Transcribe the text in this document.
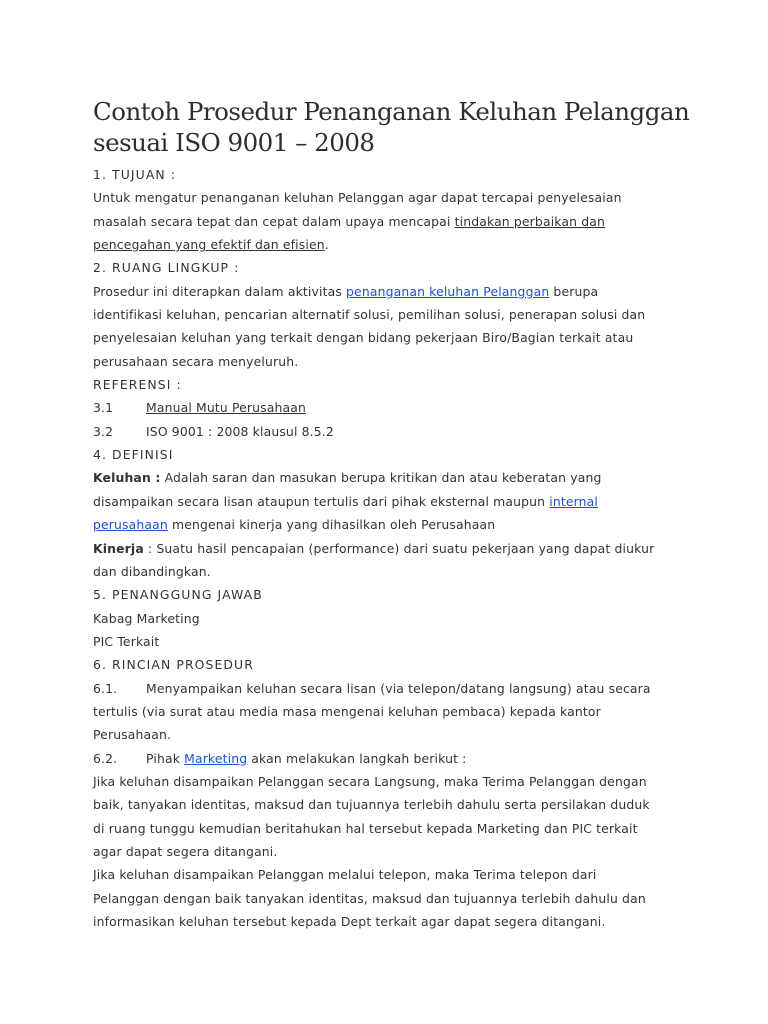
Contoh Prosedur Penanganan Keluhan Pelanggan
sesuai ISO 9001 – 2008
1. TUJUAN :
Untuk mengatur penanganan keluhan Pelanggan agar dapat tercapai penyelesaian
masalah secara tepat dan cepat dalam upaya mencapai tindakan perbaikan dan
pencegahan yang efektif dan efisien.
2. RUANG LINGKUP :
Prosedur ini diterapkan dalam aktivitas penanganan keluhan Pelanggan berupa
identifikasi keluhan, pencarian alternatif solusi, pemilihan solusi, penerapan solusi dan
penyelesaian keluhan yang terkait dengan bidang pekerjaan Biro/Bagian terkait atau
perusahaan secara menyeluruh.
REFERENSI :
3.1	Manual Mutu Perusahaan
3.2	ISO 9001 : 2008 klausul 8.5.2
4. DEFINISI
Keluhan : Adalah saran dan masukan berupa kritikan dan atau keberatan yang
disampaikan secara lisan ataupun tertulis dari pihak eksternal maupun internal
perusahaan mengenai kinerja yang dihasilkan oleh Perusahaan
Kinerja : Suatu hasil pencapaian (performance) dari suatu pekerjaan yang dapat diukur
dan dibandingkan.
5. PENANGGUNG JAWAB
Kabag Marketing
PIC Terkait
6. RINCIAN PROSEDUR
6.1. Menyampaikan keluhan secara lisan (via telepon/datang langsung) atau secara
tertulis (via surat atau media masa mengenai keluhan pembaca) kepada kantor
Perusahaan.
6.2. Pihak Marketing akan melakukan langkah berikut :
Jika keluhan disampaikan Pelanggan secara Langsung, maka Terima Pelanggan dengan
baik, tanyakan identitas, maksud dan tujuannya terlebih dahulu serta persilakan duduk
di ruang tunggu kemudian beritahukan hal tersebut kepada Marketing dan PIC terkait
agar dapat segera ditangani.
Jika keluhan disampaikan Pelanggan melalui telepon, maka Terima telepon dari
Pelanggan dengan baik tanyakan identitas, maksud dan tujuannya terlebih dahulu dan
informasikan keluhan tersebut kepada Dept terkait agar dapat segera ditangani.
